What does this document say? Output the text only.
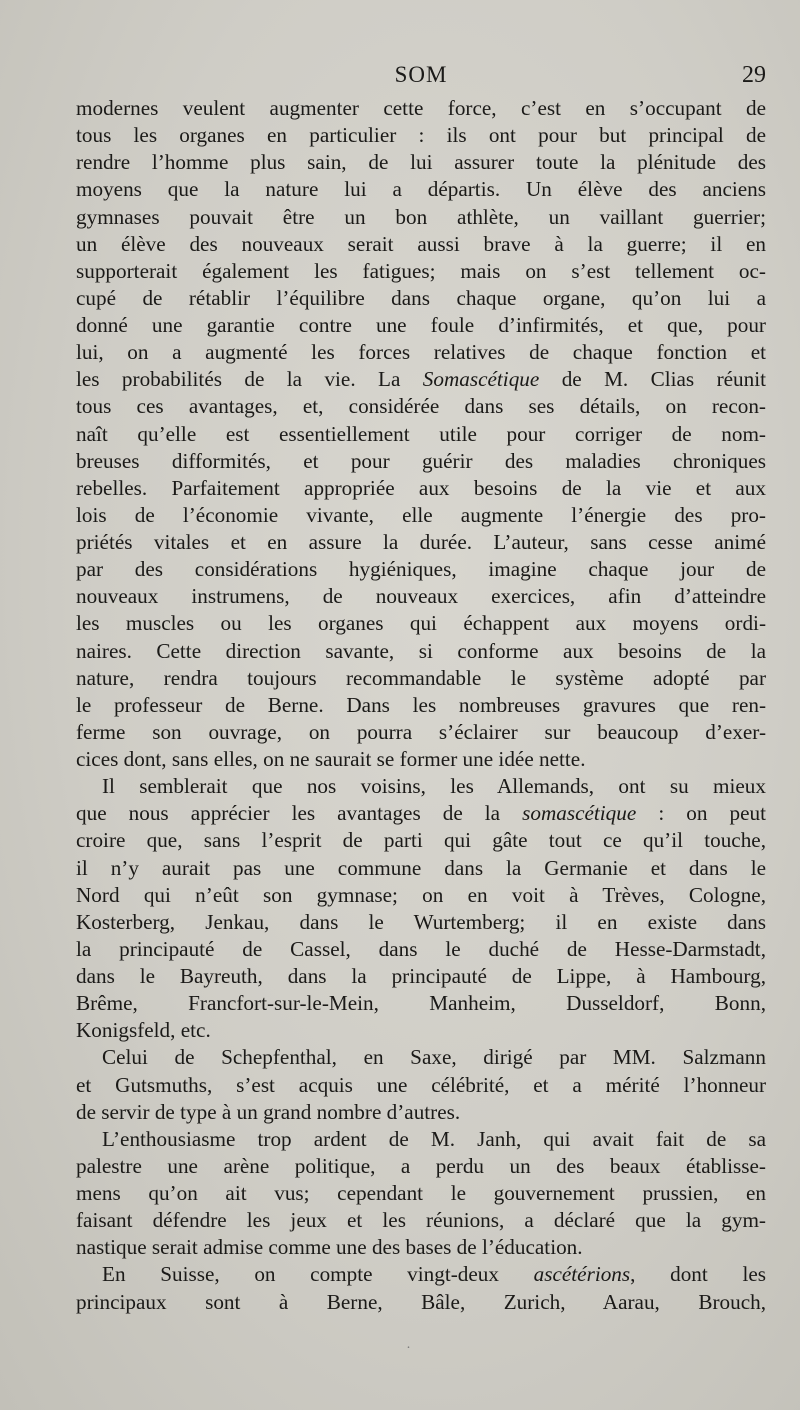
SOM	29
modernes veulent augmenter cette force, c’est en s’occupant de
tous les organes en particulier : ils ont pour but principal de
rendre l’homme plus sain, de lui assurer toute la plénitude des
moyens que la nature lui a départis. Un élève des anciens
gymnases pouvait être un bon athlète, un vaillant guerrier;
un élève des nouveaux serait aussi brave à la guerre; il en
supporterait également les fatigues; mais on s’est tellement oc-
cupé de rétablir l’équilibre dans chaque organe, qu’on lui a
donné une garantie contre une foule d’infirmités, et que, pour
lui, on a augmenté les forces relatives de chaque fonction et
les probabilités de la vie. La Somascétique de M. Clias réunit
tous ces avantages, et, considérée dans ses détails, on recon-
naît qu’elle est essentiellement utile pour corriger de nom-
breuses difformités, et pour guérir des maladies chroniques
rebelles. Parfaitement appropriée aux besoins de la vie et aux
lois de l’économie vivante, elle augmente l’énergie des pro-
priétés vitales et en assure la durée. L’auteur, sans cesse animé
par des considérations hygiéniques, imagine chaque jour de
nouveaux instrumens, de nouveaux exercices, afin d’atteindre
les muscles ou les organes qui échappent aux moyens ordi-
naires. Cette direction savante, si conforme aux besoins de la
nature, rendra toujours recommandable le système adopté par
le professeur de Berne. Dans les nombreuses gravures que ren-
ferme son ouvrage, on pourra s’éclairer sur beaucoup d’exer-
cices dont, sans elles, on ne saurait se former une idée nette.
Il semblerait que nos voisins, les Allemands, ont su mieux
que nous apprécier les avantages de la somascétique : on peut
croire que, sans l’esprit de parti qui gâte tout ce qu’il touche,
il n’y aurait pas une commune dans la Germanie et dans le
Nord qui n’eût son gymnase; on en voit à Trèves, Cologne,
Kosterberg, Jenkau, dans le Wurtemberg; il en existe dans
la principauté de Cassel, dans le duché de Hesse-Darmstadt,
dans le Bayreuth, dans la principauté de Lippe, à Hambourg,
Brême, Francfort-sur-le-Mein, Manheim, Dusseldorf, Bonn,
Konigsfeld, etc.
Celui de Schepfenthal, en Saxe, dirigé par MM. Salzmann
et Gutsmuths, s’est acquis une célébrité, et a mérité l’honneur
de servir de type à un grand nombre d’autres.
L’enthousiasme trop ardent de M. Janh, qui avait fait de sa
palestre une arène politique, a perdu un des beaux établisse-
mens qu’on ait vus; cependant le gouvernement prussien, en
faisant défendre les jeux et les réunions, a déclaré que la gym-
nastique serait admise comme une des bases de l’éducation.
En Suisse, on compte vingt-deux ascétérions, dont les
principaux sont à Berne, Bâle, Zurich, Aarau, Brouch,
˙
